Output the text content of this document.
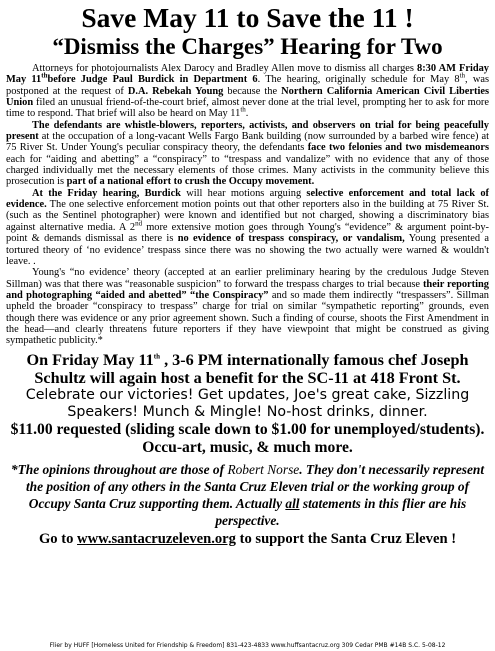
Save May 11 to Save the 11 !
“Dismiss the Charges” Hearing for Two

Attorneys for photojournalists Alex Darocy and Bradley Allen move to dismiss all charges 8:30 AM Friday May 11thbefore Judge Paul Burdick in Department 6. The hearing, originally schedule for May 8th, was postponed at the request of D.A. Rebekah Young because the Northern California American Civil Liberties Union filed an unusual friend-of-the-court brief, almost never done at the trial level, prompting her to ask for more time to respond. That brief will also be heard on May 11th.

The defendants are whistle-blowers, reporters, activists, and observers on trial for being peacefully present at the occupation of a long-vacant Wells Fargo Bank building (now surrounded by a barbed wire fence) at 75 River St. Under Young's peculiar conspiracy theory, the defendants face two felonies and two misdemeanors each for “aiding and abetting” a “conspiracy” to “trespass and vandalize” with no evidence that any of those charged individually met the necessary elements of those crimes. Many activists in the community believe this prosecution is part of a national effort to crush the Occupy movement.

At the Friday hearing, Burdick will hear motions arguing selective enforcement and total lack of evidence. The one selective enforcement motion points out that other reporters also in the building at 75 River St. (such as the Sentinel photographer) were known and identified but not charged, showing a discriminatory bias against alternative media. A 2nd more extensive motion goes through Young's “evidence” & argument point-by-point & demands dismissal as there is no evidence of trespass conspiracy, or vandalism, Young presented a tortured theory of ‘no evidence’ trespass since there was no showing the two actually were warned & wouldn't leave. .

Young's “no evidence’ theory (accepted at an earlier preliminary hearing by the credulous Judge Steven Sillman) was that there was “reasonable suspicion” to forward the trespass charges to trial because their reporting and photographing “aided and abetted” “the Conspiracy” and so made them indirectly “trespassers”. Sillman upheld the broader “conspiracy to trespass” charge for trial on similar “sympathetic reporting” grounds, even though there was evidence or any prior agreement shown. Such a finding of course, shoots the First Amendment in the head—and clearly threatens future reporters if they have viewpoint that might be construed as giving sympathetic publicity.*

On Friday May 11th , 3-6 PM internationally famous chef Joseph Schultz will again host a benefit for the SC-11 at 418 Front St.
Celebrate our victories! Get updates, Joe's great cake, Sizzling Speakers! Munch & Mingle! No-host drinks, dinner.
$11.00 requested (sliding scale down to $1.00 for unemployed/students). Occu-art, music, & much more.
*The opinions throughout are those of Robert Norse. They don't necessarily represent the position of any others in the Santa Cruz Eleven trial or the working group of Occupy Santa Cruz supporting them. Actually all statements in this flier are his perspective.
Go to www.santacruzeleven.org to support the Santa Cruz Eleven !
Flier by HUFF [Homeless United for Friendship & Freedom] 831-423-4833 www.huffsantacruz.org 309 Cedar PMB #14B S.C. 5-08-12
